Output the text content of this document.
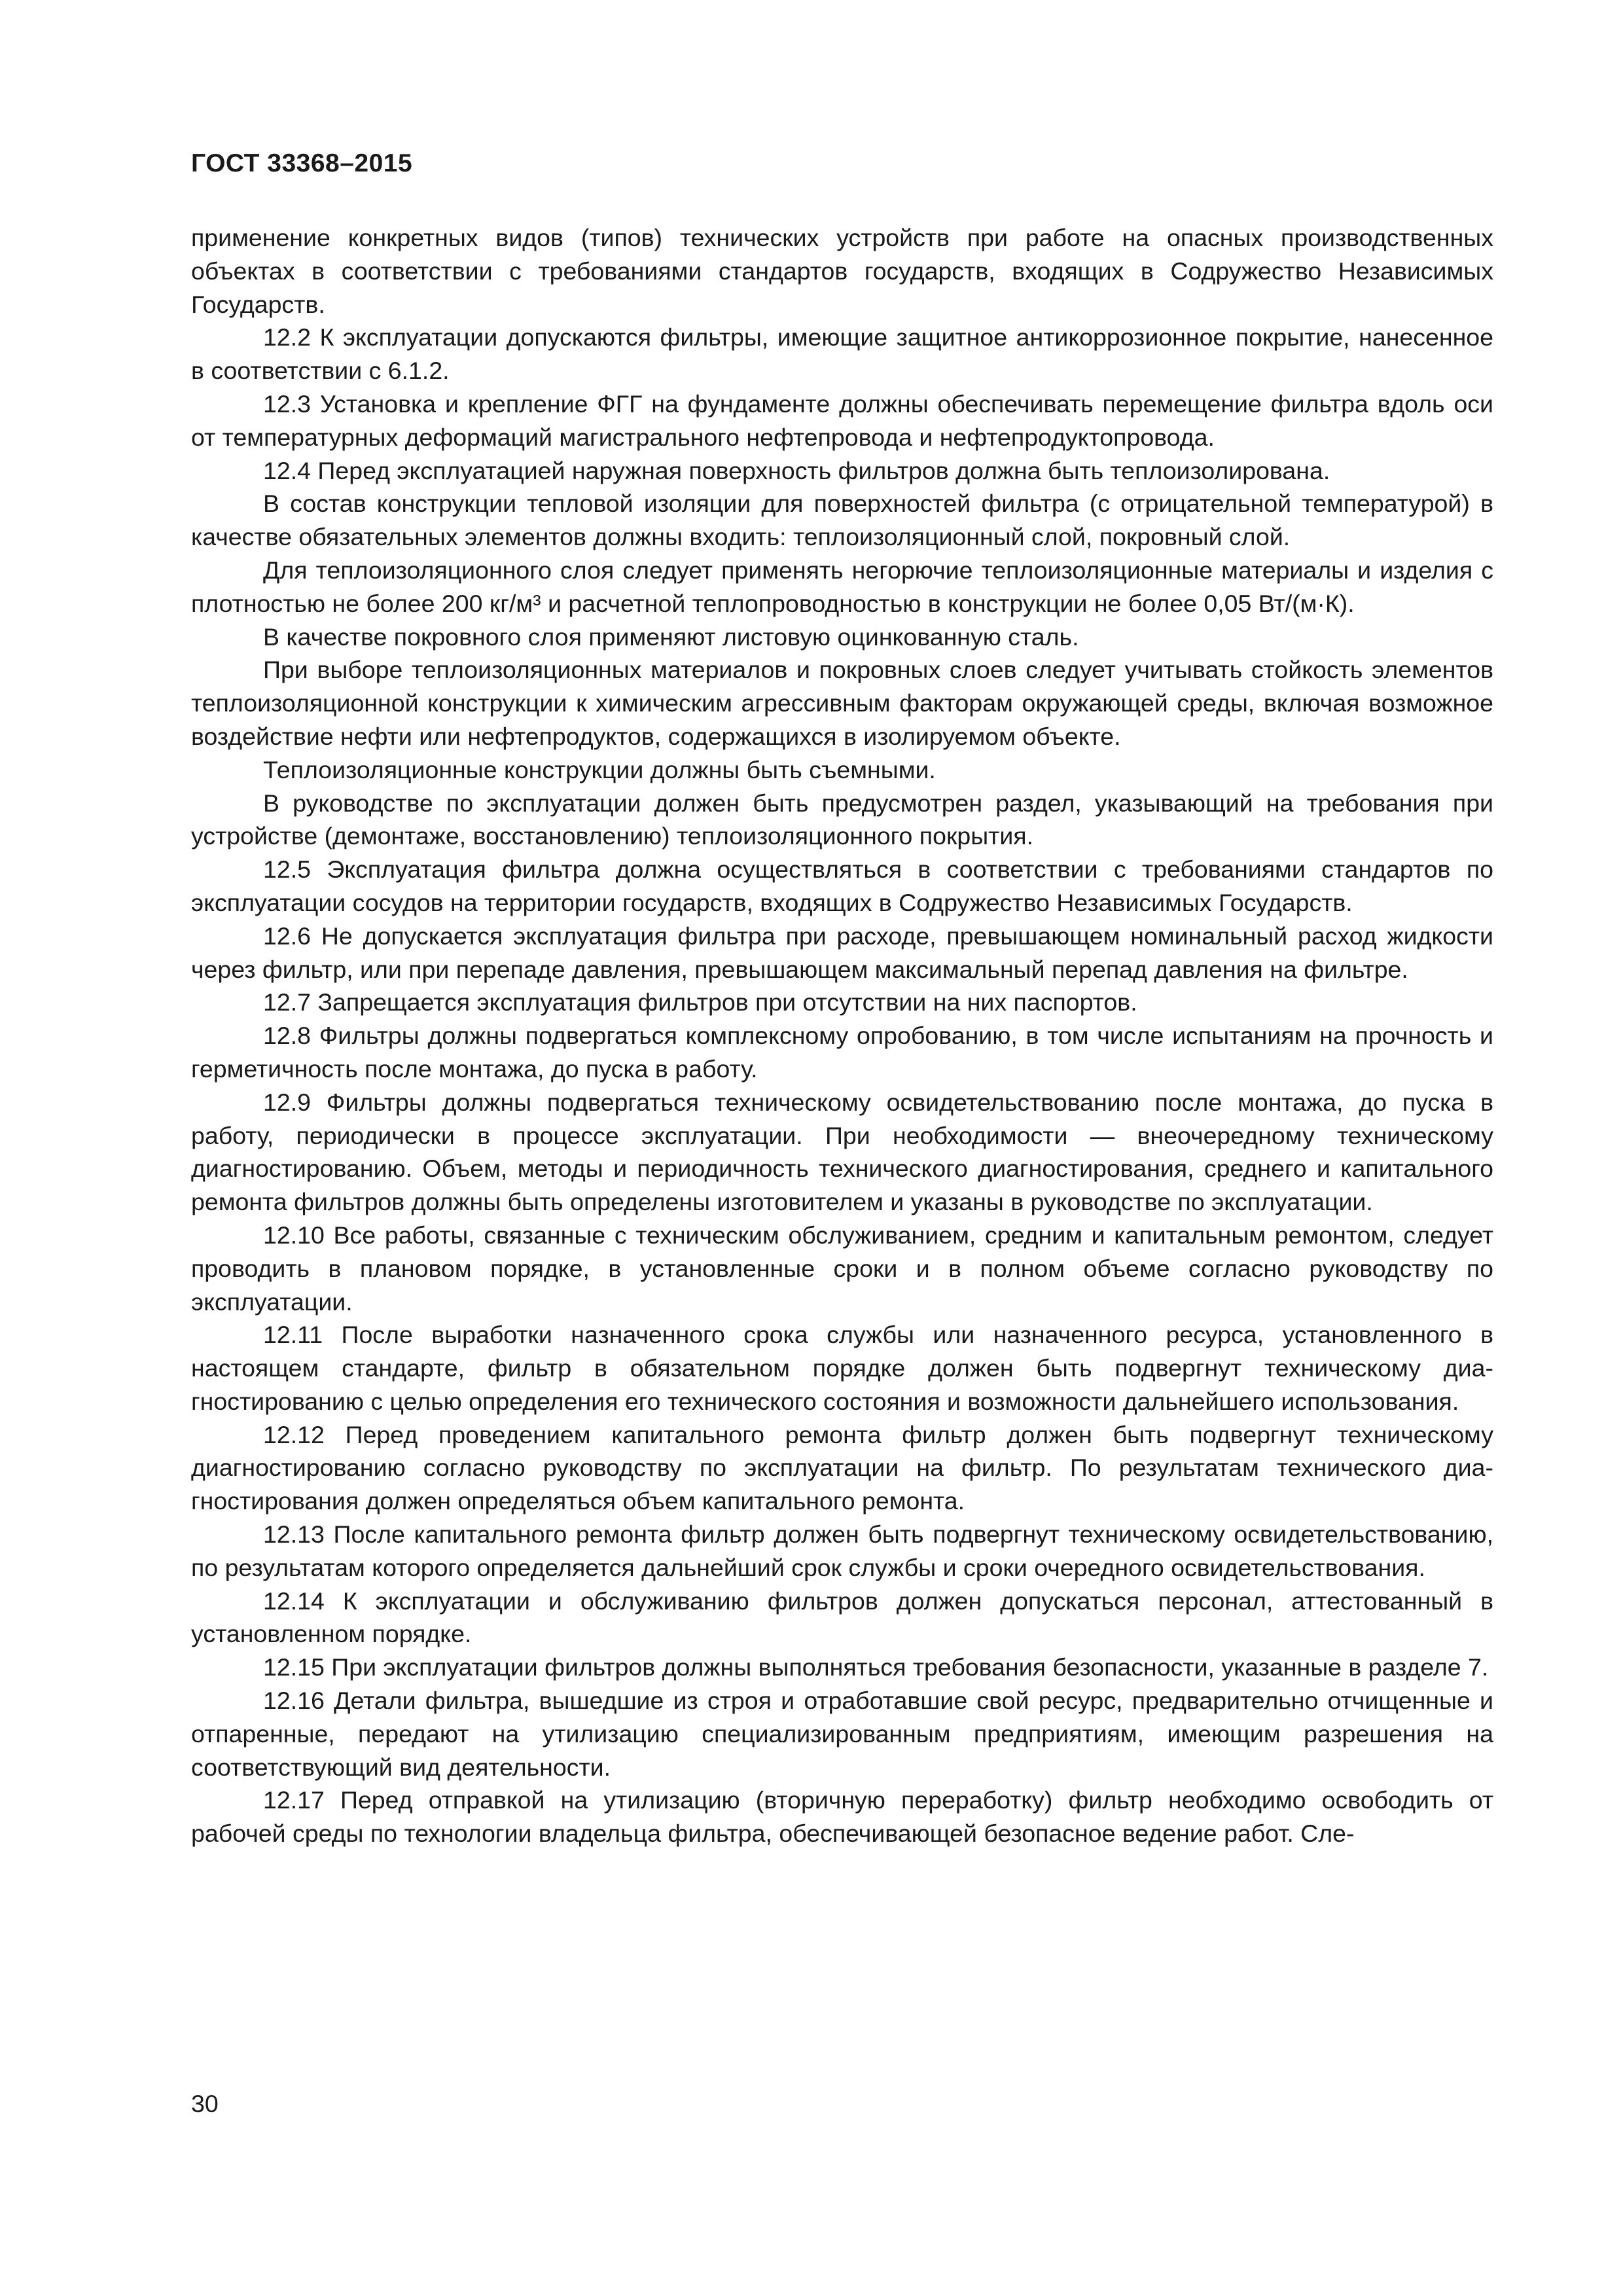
ГОСТ 33368–2015

применение конкретных видов (типов) технических устройств при работе на опасных производственных объектах в соответствии с требованиями стандартов государств, входящих в Содружество Независимых Государств.

12.2 К эксплуатации допускаются фильтры, имеющие защитное антикоррозионное покрытие, нанесенное в соответствии с 6.1.2.

12.3 Установка и крепление ФГГ на фундаменте должны обеспечивать перемещение фильтра вдоль оси от температурных деформаций магистрального нефтепровода и нефтепродуктопровода.

12.4 Перед эксплуатацией наружная поверхность фильтров должна быть теплоизолирована.

В состав конструкции тепловой изоляции для поверхностей фильтра (с отрицательной температурой) в качестве обязательных элементов должны входить: теплоизоляционный слой, покровный слой.

Для теплоизоляционного слоя следует применять негорючие теплоизоляционные материалы и изделия с плотностью не более 200 кг/м³ и расчетной теплопроводностью в конструкции не более 0,05 Вт/(м·К).

В качестве покровного слоя применяют листовую оцинкованную сталь.

При выборе теплоизоляционных материалов и покровных слоев следует учитывать стойкость элементов теплоизоляционной конструкции к химическим агрессивным факторам окружающей среды, включая возможное воздействие нефти или нефтепродуктов, содержащихся в изолируемом объекте.

Теплоизоляционные конструкции должны быть съемными.

В руководстве по эксплуатации должен быть предусмотрен раздел, указывающий на требования при устройстве (демонтаже, восстановлению) теплоизоляционного покрытия.

12.5 Эксплуатация фильтра должна осуществляться в соответствии с требованиями стандартов по эксплуатации сосудов на территории государств, входящих в Содружество Независимых Государств.

12.6 Не допускается эксплуатация фильтра при расходе, превышающем номинальный расход жидкости через фильтр, или при перепаде давления, превышающем максимальный перепад давления на фильтре.

12.7 Запрещается эксплуатация фильтров при отсутствии на них паспортов.

12.8 Фильтры должны подвергаться комплексному опробованию, в том числе испытаниям на прочность и герметичность после монтажа, до пуска в работу.

12.9 Фильтры должны подвергаться техническому освидетельствованию после монтажа, до пуска в работу, периодически в процессе эксплуатации. При необходимости — внеочередному техническому диагностированию. Объем, методы и периодичность технического диагностирования, среднего и капитального ремонта фильтров должны быть определены изготовителем и указаны в руководстве по эксплуатации.

12.10 Все работы, связанные с техническим обслуживанием, средним и капитальным ремонтом, следует проводить в плановом порядке, в установленные сроки и в полном объеме согласно руководству по эксплуатации.

12.11 После выработки назначенного срока службы или назначенного ресурса, установленного в настоящем стандарте, фильтр в обязательном порядке должен быть подвергнут техническому диагностированию с целью определения его технического состояния и возможности дальнейшего использования.

12.12 Перед проведением капитального ремонта фильтр должен быть подвергнут техническому диагностированию согласно руководству по эксплуатации на фильтр. По результатам технического диагностирования должен определяться объем капитального ремонта.

12.13 После капитального ремонта фильтр должен быть подвергнут техническому освидетельствованию, по результатам которого определяется дальнейший срок службы и сроки очередного освидетельствования.

12.14 К эксплуатации и обслуживанию фильтров должен допускаться персонал, аттестованный в установленном порядке.

12.15 При эксплуатации фильтров должны выполняться требования безопасности, указанные в разделе 7.

12.16 Детали фильтра, вышедшие из строя и отработавшие свой ресурс, предварительно отчищенные и отпаренные, передают на утилизацию специализированным предприятиям, имеющим разрешения на соответствующий вид деятельности.

12.17 Перед отправкой на утилизацию (вторичную переработку) фильтр необходимо освободить от рабочей среды по технологии владельца фильтра, обеспечивающей безопасное ведение работ. Сле-

30
